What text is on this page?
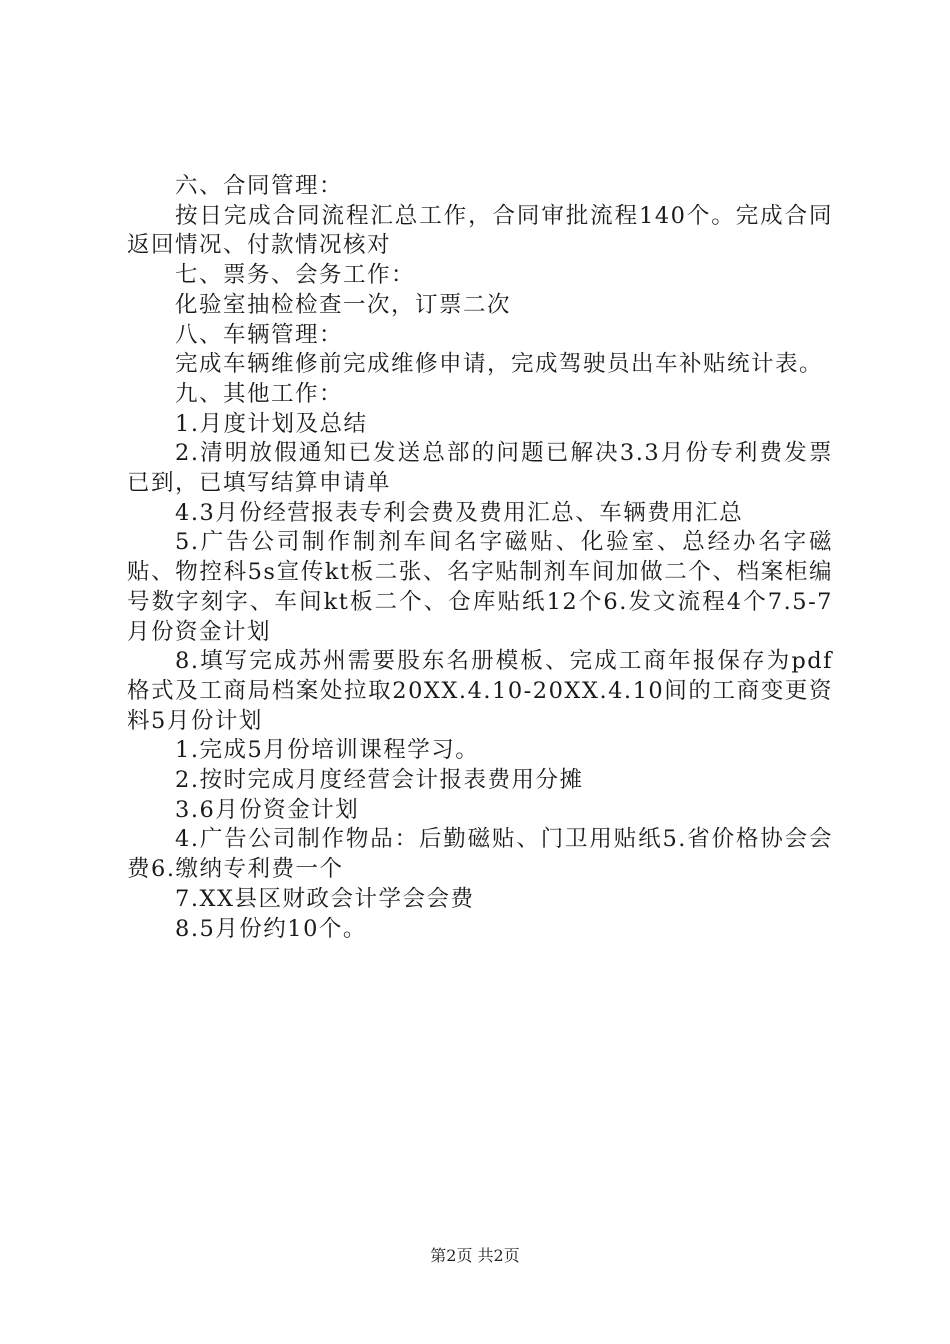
六、合同管理：

按日完成合同流程汇总工作，合同审批流程140个。完成合同返回情况、付款情况核对

七、票务、会务工作：

化验室抽检检查一次，订票二次

八、车辆管理：

完成车辆维修前完成维修申请，完成驾驶员出车补贴统计表。

九、其他工作：

1.月度计划及总结

2.清明放假通知已发送总部的问题已解决3.3月份专利费发票已到，已填写结算申请单

4.3月份经营报表专利会费及费用汇总、车辆费用汇总

5.广告公司制作制剂车间名字磁贴、化验室、总经办名字磁贴、物控科5s宣传kt板二张、名字贴制剂车间加做二个、档案柜编号数字刻字、车间kt板二个、仓库贴纸12个6.发文流程4个7.5-7月份资金计划

8.填写完成苏州需要股东名册模板、完成工商年报保存为pdf格式及工商局档案处拉取20XX.4.10-20XX.4.10间的工商变更资料5月份计划

1.完成5月份培训课程学习。

2.按时完成月度经营会计报表费用分摊

3.6月份资金计划

4.广告公司制作物品：后勤磁贴、门卫用贴纸5.省价格协会会费6.缴纳专利费一个

7.XX县区财政会计学会会费

8.5月份约10个。

第2页 共2页
